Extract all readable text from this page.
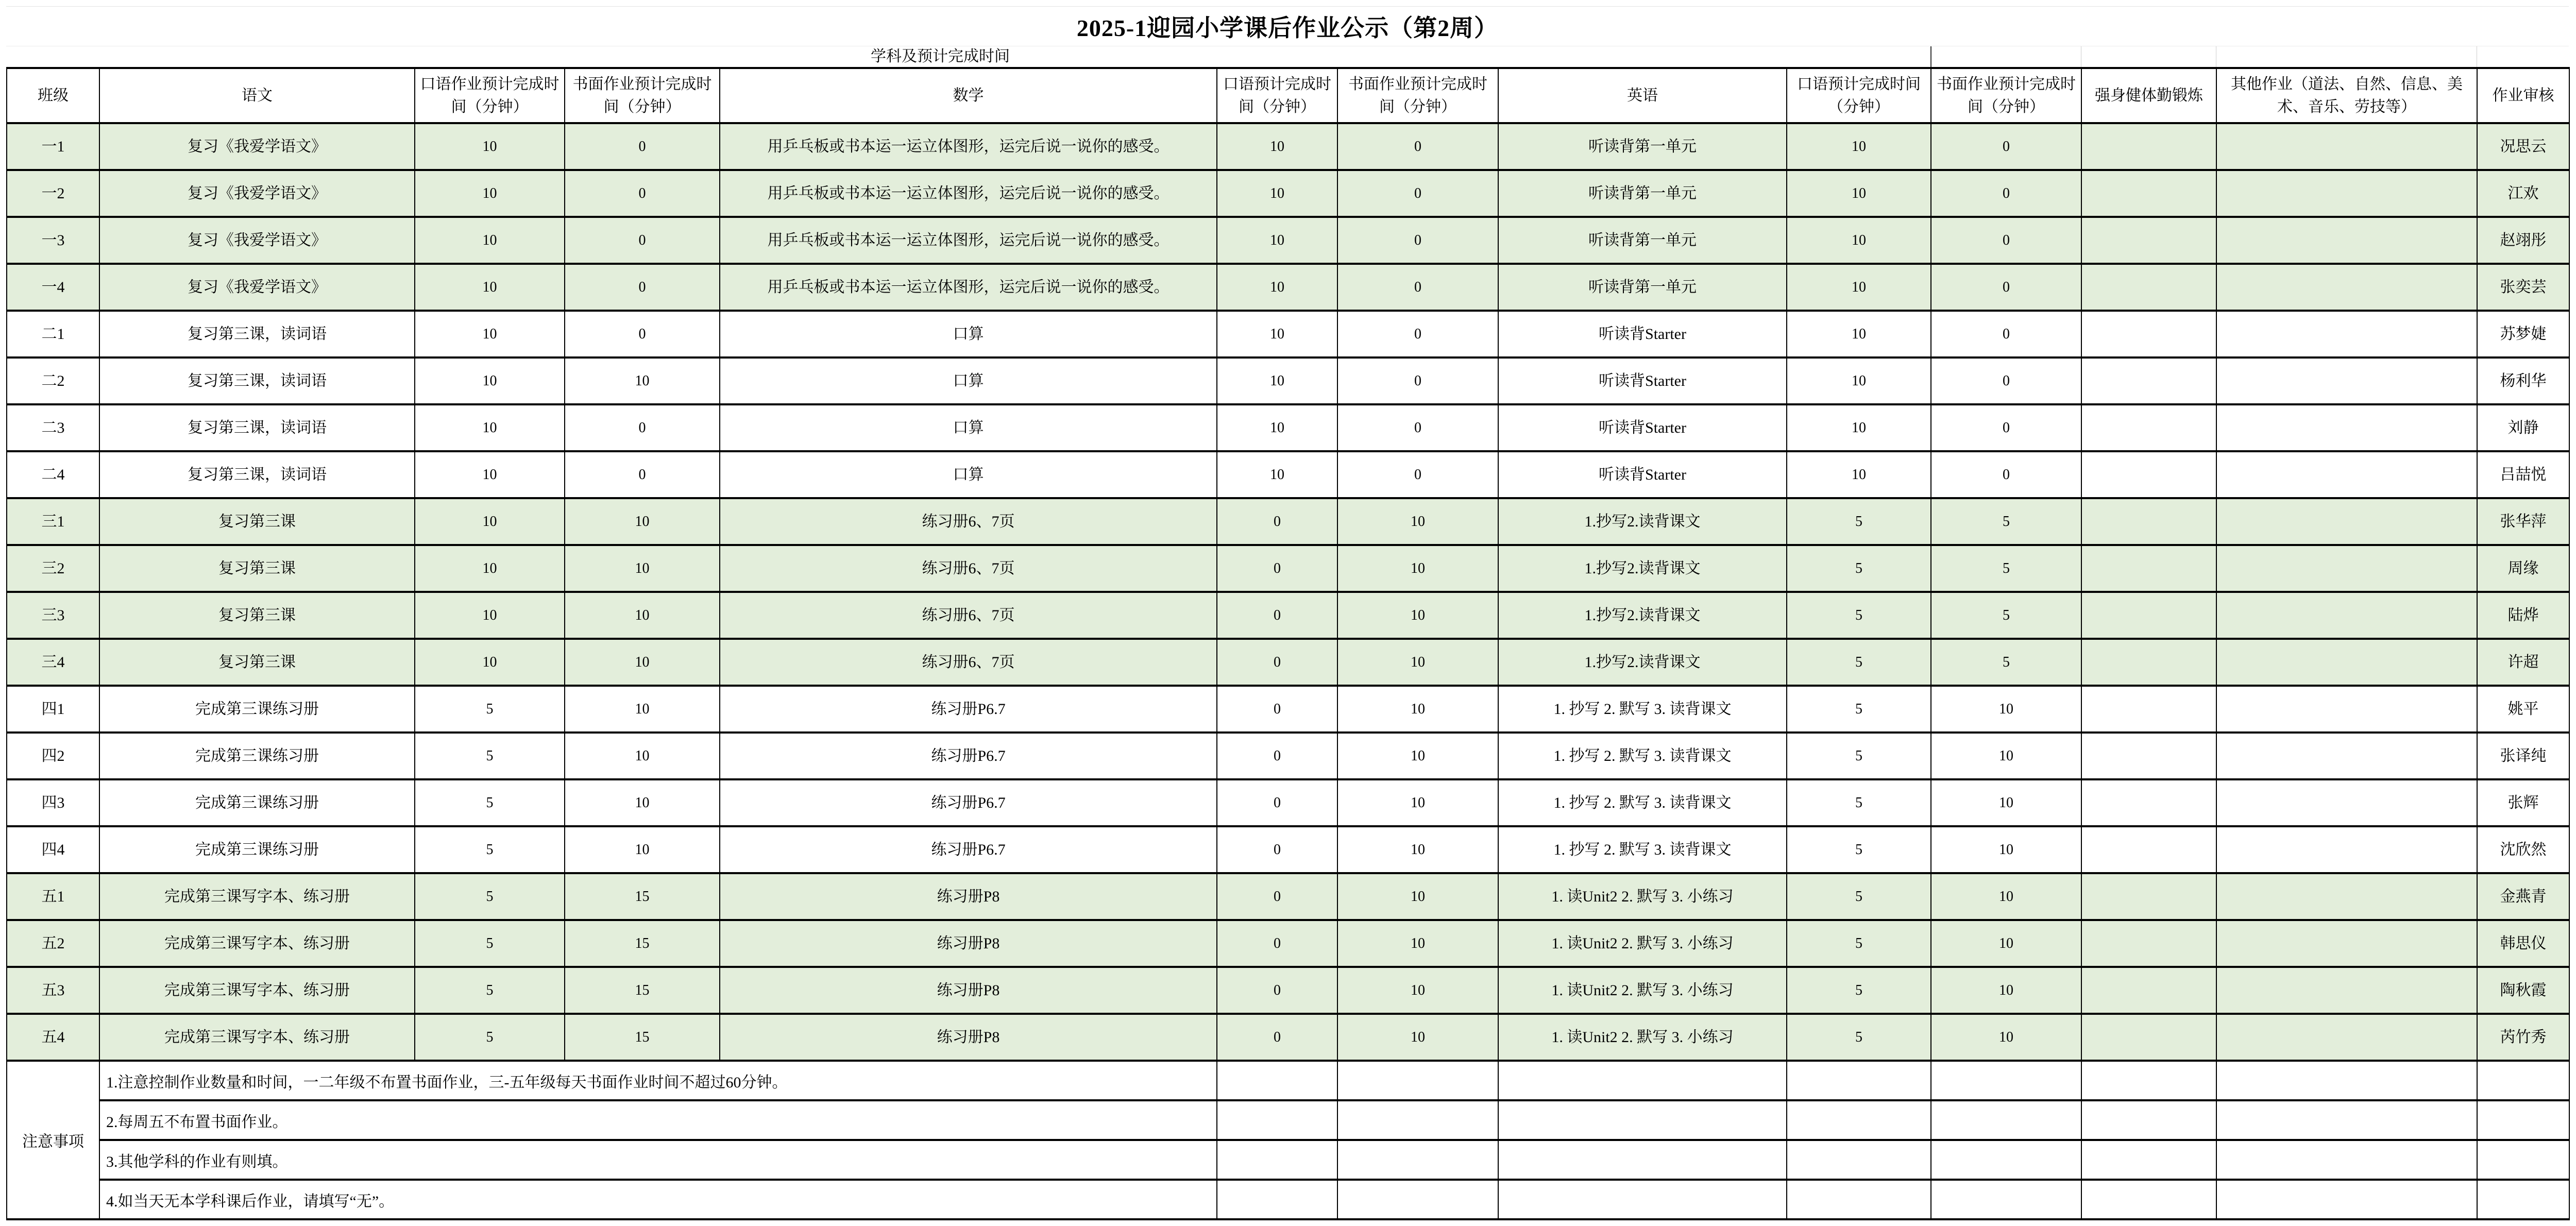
2025-1迎园小学课后作业公示（第2周）
学科及预计完成时间
班级	语文	口语作业预计完成时间（分钟）	书面作业预计完成时间（分钟）	数学	口语预计完成时间（分钟）	书面作业预计完成时间（分钟）	英语	口语预计完成时间（分钟）	书面作业预计完成时间（分钟）	强身健体勤锻炼	其他作业（道法、自然、信息、美术、音乐、劳技等）	作业审核
一1	复习《我爱学语文》	10	0	用乒乓板或书本运一运立体图形，运完后说一说你的感受。	10	0	听读背第一单元	10	0			况思云
一2	复习《我爱学语文》	10	0	用乒乓板或书本运一运立体图形，运完后说一说你的感受。	10	0	听读背第一单元	10	0			江欢
一3	复习《我爱学语文》	10	0	用乒乓板或书本运一运立体图形，运完后说一说你的感受。	10	0	听读背第一单元	10	0			赵翊彤
一4	复习《我爱学语文》	10	0	用乒乓板或书本运一运立体图形，运完后说一说你的感受。	10	0	听读背第一单元	10	0			张奕芸
二1	复习第三课，读词语	10	0	口算	10	0	听读背Starter	10	0			苏梦婕
二2	复习第三课，读词语	10	10	口算	10	0	听读背Starter	10	0			杨利华
二3	复习第三课，读词语	10	0	口算	10	0	听读背Starter	10	0			刘静
二4	复习第三课，读词语	10	0	口算	10	0	听读背Starter	10	0			吕喆悦
三1	复习第三课	10	10	练习册6、7页	0	10	1.抄写2.读背课文	5	5			张华萍
三2	复习第三课	10	10	练习册6、7页	0	10	1.抄写2.读背课文	5	5			周缘
三3	复习第三课	10	10	练习册6、7页	0	10	1.抄写2.读背课文	5	5			陆烨
三4	复习第三课	10	10	练习册6、7页	0	10	1.抄写2.读背课文	5	5			许超
四1	完成第三课练习册	5	10	练习册P6.7	0	10	1. 抄写 2. 默写 3. 读背课文	5	10			姚平
四2	完成第三课练习册	5	10	练习册P6.7	0	10	1. 抄写 2. 默写 3. 读背课文	5	10			张译纯
四3	完成第三课练习册	5	10	练习册P6.7	0	10	1. 抄写 2. 默写 3. 读背课文	5	10			张辉
四4	完成第三课练习册	5	10	练习册P6.7	0	10	1. 抄写 2. 默写 3. 读背课文	5	10			沈欣然
五1	完成第三课写字本、练习册	5	15	练习册P8	0	10	1. 读Unit2 2. 默写 3. 小练习	5	10			金燕青
五2	完成第三课写字本、练习册	5	15	练习册P8	0	10	1. 读Unit2 2. 默写 3. 小练习	5	10			韩思仪
五3	完成第三课写字本、练习册	5	15	练习册P8	0	10	1. 读Unit2 2. 默写 3. 小练习	5	10			陶秋霞
五4	完成第三课写字本、练习册	5	15	练习册P8	0	10	1. 读Unit2 2. 默写 3. 小练习	5	10			芮竹秀
注意事项	1.注意控制作业数量和时间，一二年级不布置书面作业，三-五年级每天书面作业时间不超过60分钟。											
	2.每周五不布置书面作业。											
	3.其他学科的作业有则填。											
	4.如当天无本学科课后作业，请填写“无”。											
